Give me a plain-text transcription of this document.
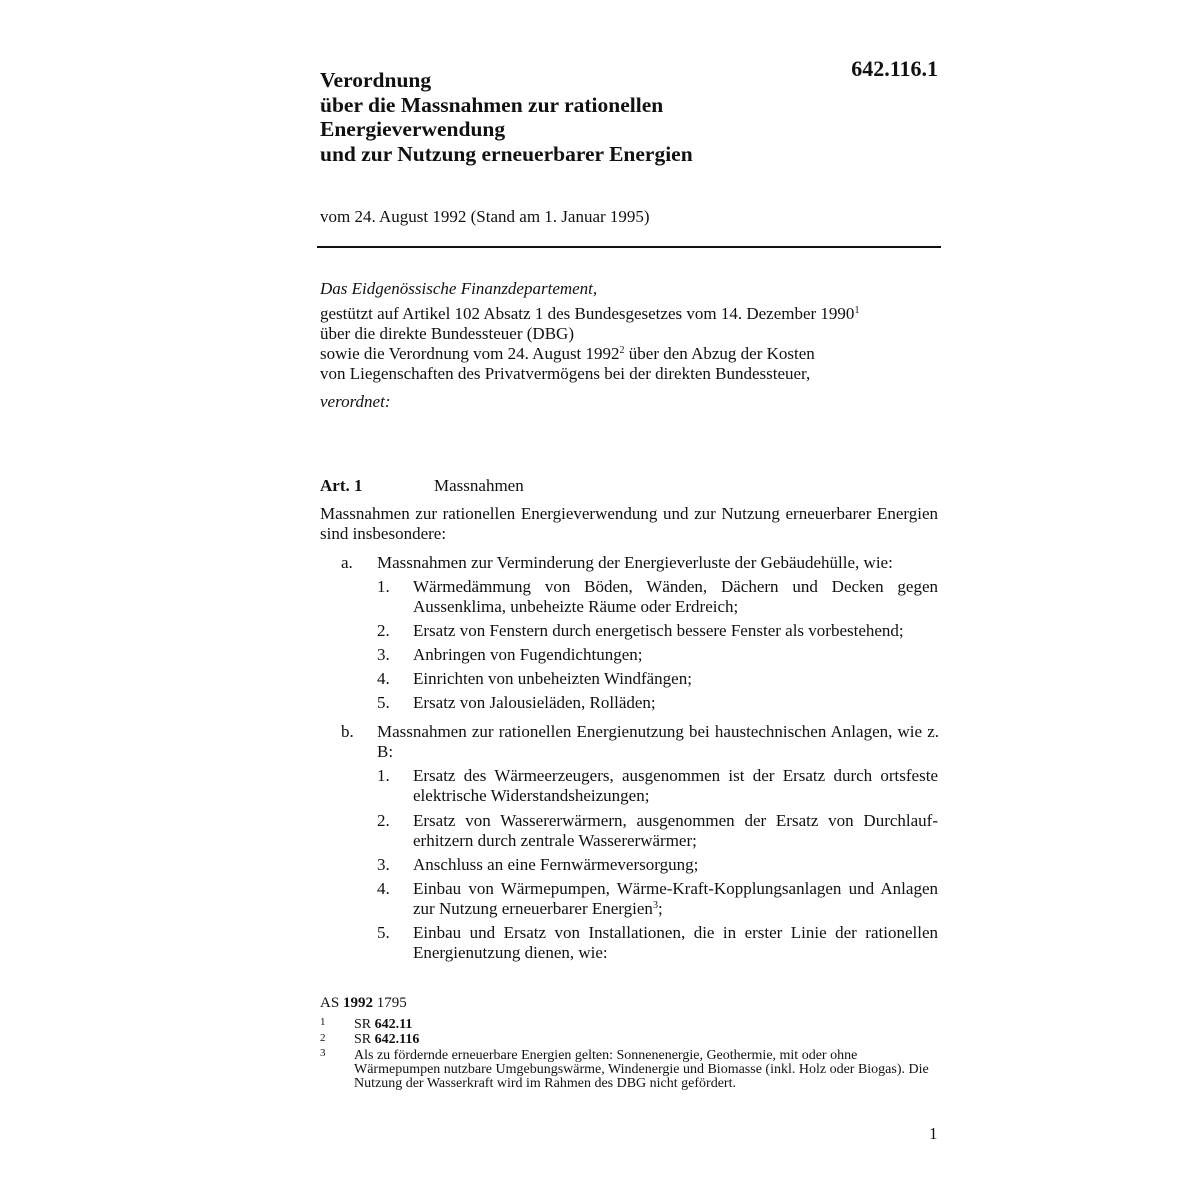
642.116.1
Verordnung
über die Massnahmen zur rationellen
Energieverwendung
und zur Nutzung erneuerbarer Energien
vom 24. August 1992 (Stand am 1. Januar 1995)
Das Eidgenössische Finanzdepartement,
gestützt auf Artikel 102 Absatz 1 des Bundesgesetzes vom 14. Dezember 1990$^1$
über die direkte Bundessteuer (DBG)
sowie die Verordnung vom 24. August 1992$^2$ über den Abzug der Kosten
von Liegenschaften des Privatvermögens bei der direkten Bundessteuer,
verordnet:
Art. 1	Massnahmen
Massnahmen zur rationellen Energieverwendung und zur Nutzung erneuerbarer Energien sind insbesondere:
a. Massnahmen zur Verminderung der Energieverluste der Gebäudehülle, wie:
1. Wärmedämmung von Böden, Wänden, Dächern und Decken gegen Aussenklima, unbeheizte Räume oder Erdreich;
2. Ersatz von Fenstern durch energetisch bessere Fenster als vorbestehend;
3. Anbringen von Fugendichtungen;
4. Einrichten von unbeheizten Windfängen;
5. Ersatz von Jalousieläden, Rolläden;
b. Massnahmen zur rationellen Energienutzung bei haustechnischen Anlagen, wie z. B:
1. Ersatz des Wärmeerzeugers, ausgenommen ist der Ersatz durch ortsfeste elektrische Widerstandsheizungen;
2. Ersatz von Wassererwärmern, ausgenommen der Ersatz von Durchlauferhitzern durch zentrale Wassererwärmer;
3. Anschluss an eine Fernwärmeversorgung;
4. Einbau von Wärmepumpen, Wärme-Kraft-Kopplungsanlagen und Anlagen zur Nutzung erneuerbarer Energien$^3$;
5. Einbau und Ersatz von Installationen, die in erster Linie der rationellen Energienutzung dienen, wie:
AS 1992 1795
1 SR 642.11
2 SR 642.116
3 Als zu fördernde erneuerbare Energien gelten: Sonnenenergie, Geothermie, mit oder ohne Wärmepumpen nutzbare Umgebungswärme, Windenergie und Biomasse (inkl. Holz oder Biogas). Die Nutzung der Wasserkraft wird im Rahmen des DBG nicht gefördert.
1
